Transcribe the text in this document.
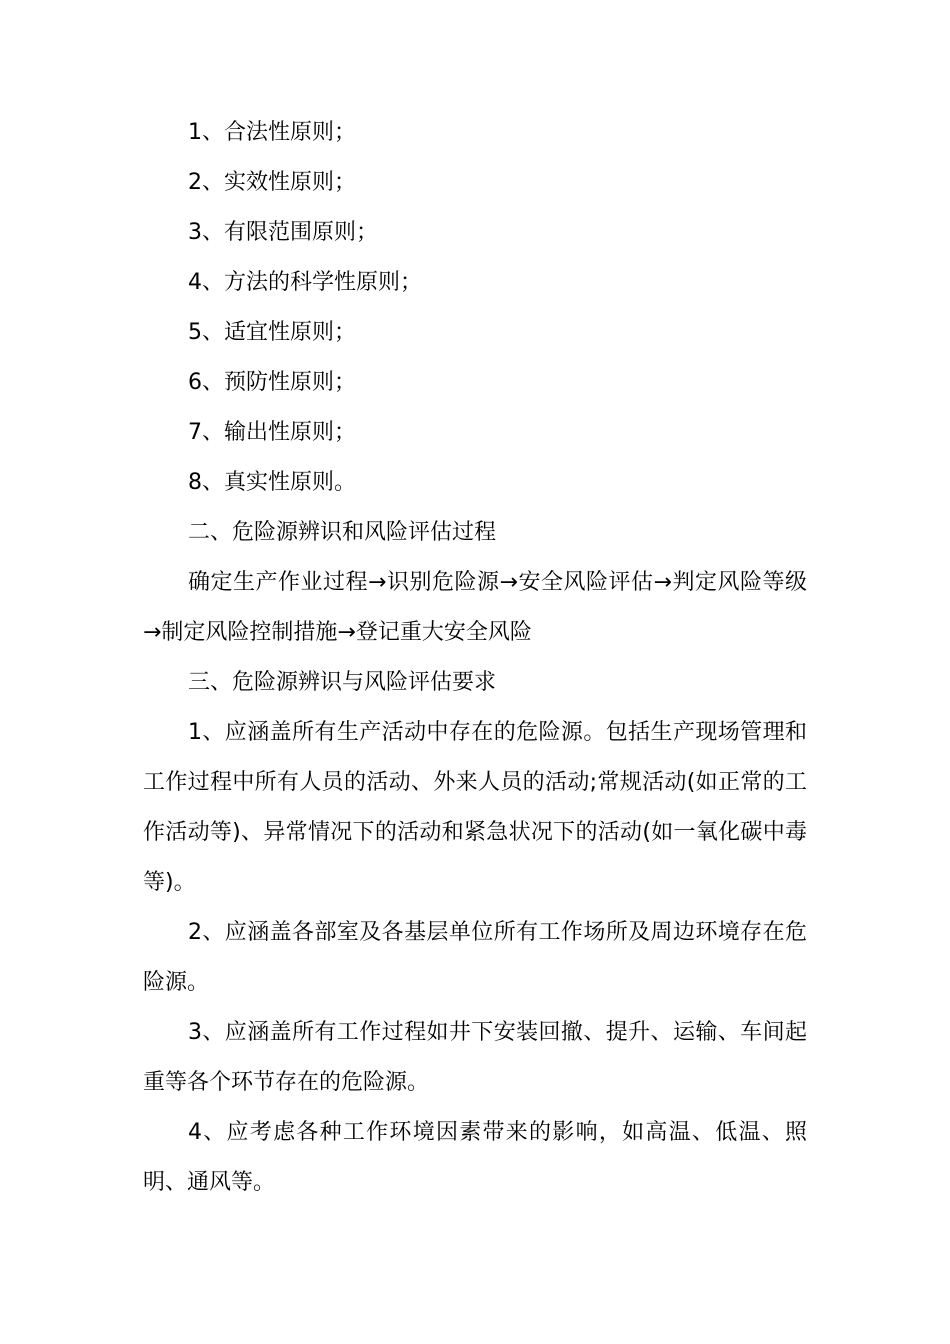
1、合法性原则；

2、实效性原则；

3、有限范围原则；

4、方法的科学性原则；

5、适宜性原则；

6、预防性原则；

7、输出性原则；

8、真实性原则。

二、危险源辨识和风险评估过程

确定生产作业过程→识别危险源→安全风险评估→判定风险等级→制定风险控制措施→登记重大安全风险

三、危险源辨识与风险评估要求

1、应涵盖所有生产活动中存在的危险源。包括生产现场管理和工作过程中所有人员的活动、外来人员的活动;常规活动(如正常的工作活动等)、异常情况下的活动和紧急状况下的活动(如一氧化碳中毒等)。

2、应涵盖各部室及各基层单位所有工作场所及周边环境存在危险源。

3、应涵盖所有工作过程如井下安装回撤、提升、运输、车间起重等各个环节存在的危险源。

4、应考虑各种工作环境因素带来的影响，如高温、低温、照明、通风等。
